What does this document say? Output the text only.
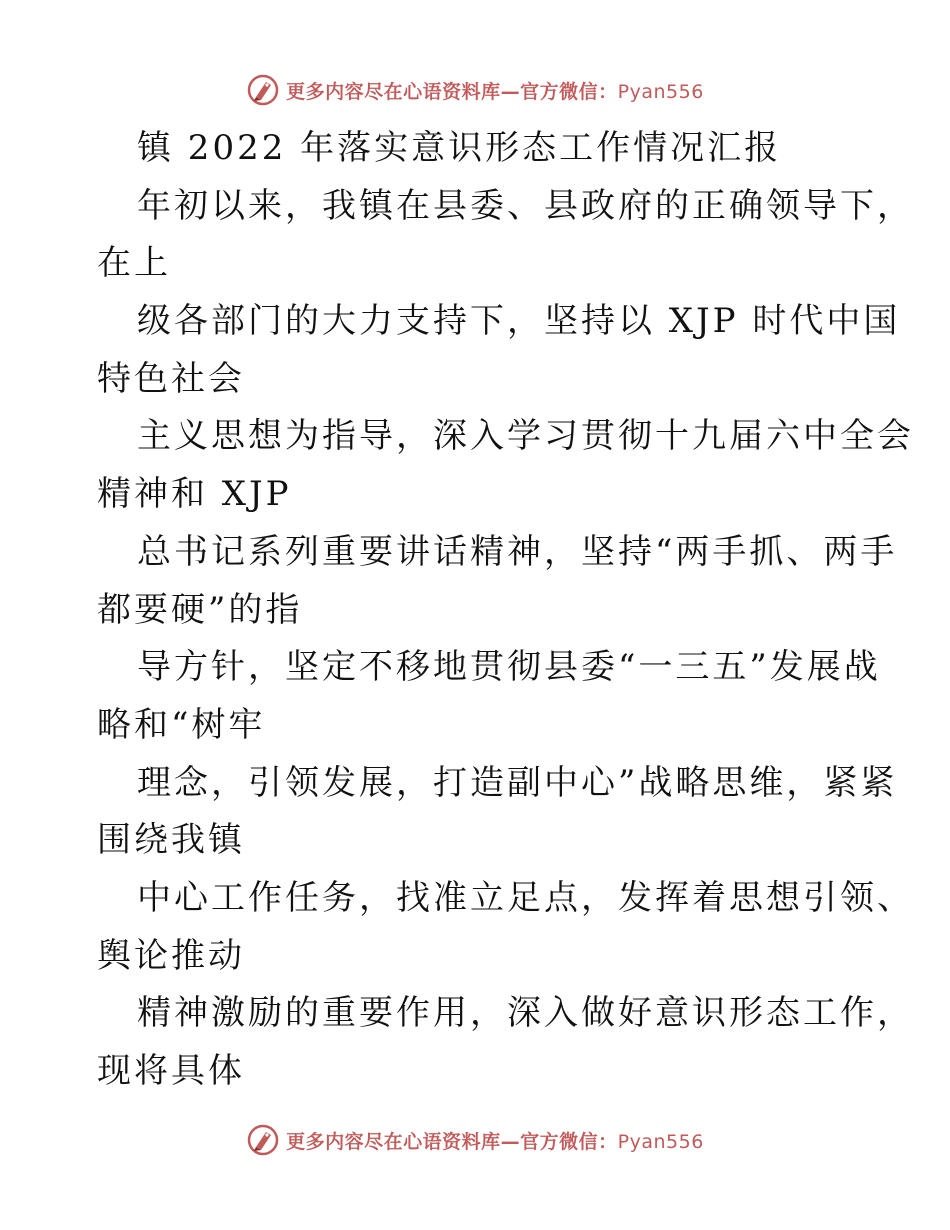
更多内容尽在心语资料库—官方微信：Pyan556
镇 2022 年落实意识形态工作情况汇报
年初以来，我镇在县委、县政府的正确领导下，
在上
级各部门的大力支持下，坚持以 XJP 时代中国
特色社会
主义思想为指导，深入学习贯彻十九届六中全会
精神和 XJP
总书记系列重要讲话精神，坚持“两手抓、两手
都要硬”的指
导方针，坚定不移地贯彻县委“一三五”发展战
略和“树牢
理念，引领发展，打造副中心”战略思维，紧紧
围绕我镇
中心工作任务，找准立足点，发挥着思想引领、
舆论推动
精神激励的重要作用，深入做好意识形态工作，
现将具体
更多内容尽在心语资料库—官方微信：Pyan556
